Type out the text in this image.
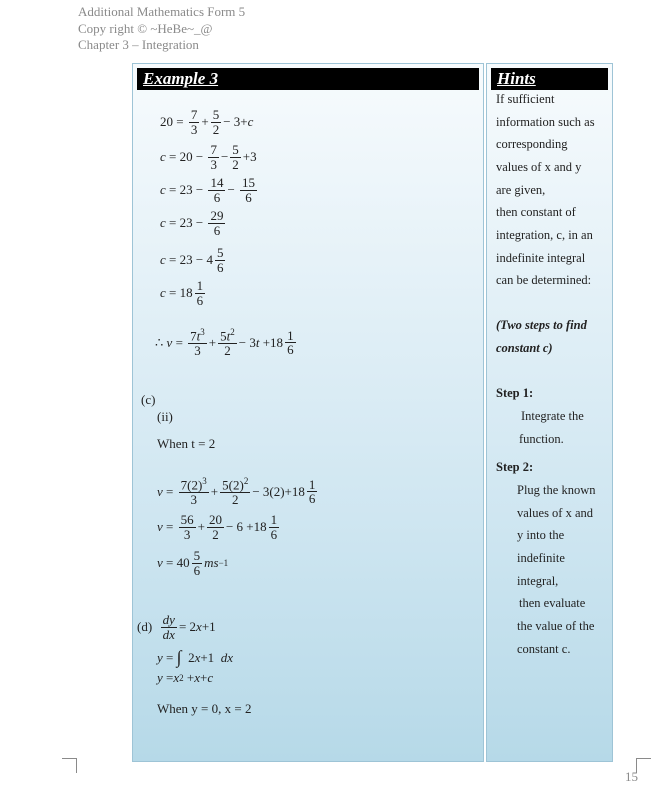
Additional Mathematics Form 5
Copy right © ~HeBe~_@
Chapter 3 – Integration
Example 3
20 = 7
3 + 5
2 − 3+ c
c = 20 − 7
3 − 5
2 +3
c = 23 − 14
6 − 15
6
c = 23 − 29
6
c = 23 − 4 5
6
c = 18 1
6
∴ $v = 7t^3$
3
+ $5t^2$
2
− 3 t +18 1
6
(c)
(ii)
When t = 2
$v = 7(2)^3$
3
+ $5(2)^2$
2
− 3(2)+18 1
6
v = 56
3 + 20
2 − 6 +18 1
6
v = 40 5
6 ms −1
(d)
dy
dx = 2 x +1
y = ∫ 2 x +1 dx
y = x 2 + x + c
When y = 0, x = 2
Hints
If sufficient
information such as
corresponding
values of x and y
are given,
then constant of
integration, c, in an
indefinite integral
can be determined:
(Two steps to find
constant c)
Step 1:
Integrate the
function.
Step 2:
Plug the known
values of x and
y into the
indefinite
integral,
then evaluate
the value of the
constant c.
15
